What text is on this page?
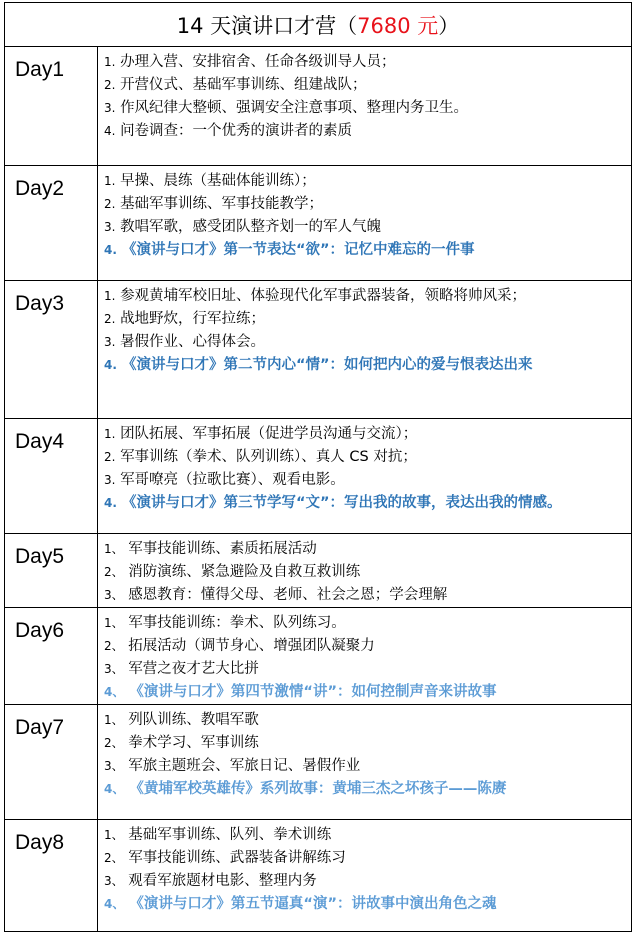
14 天演讲口才营（7680 元）	
Day1	1. 办理入营、安排宿舍、任命各级训导人员；
2. 开营仪式、基础军事训练、组建战队；
3. 作风纪律大整顿、强调安全注意事项、整理内务卫生。
4. 问卷调查：一个优秀的演讲者的素质

Day2	1. 早操、晨练（基础体能训练）；
2. 基础军事训练、军事技能教学；
3. 教唱军歌，感受团队整齐划一的军人气魄
4. 《演讲与口才》第一节表达“欲”：记忆中难忘的一件事

Day3	1. 参观黄埔军校旧址、体验现代化军事武器装备，领略将帅风采；
2. 战地野炊，行军拉练；
3. 暑假作业、心得体会。
4. 《演讲与口才》第二节内心“情”：如何把内心的爱与恨表达出来

Day4	1. 团队拓展、军事拓展（促进学员沟通与交流）；
2. 军事训练（拳术、队列训练）、真人 CS 对抗；
3. 军哥嘹亮（拉歌比赛）、观看电影。
4. 《演讲与口才》第三节学写“文”：写出我的故事，表达出我的情感。

Day5	1、 军事技能训练、素质拓展活动
2、 消防演练、紧急避险及自救互救训练
3、 感恩教育：懂得父母、老师、社会之恩；学会理解

Day6	1、 军事技能训练：拳术、队列练习。
2、 拓展活动（调节身心、增强团队凝聚力
3、 军营之夜才艺大比拼
4、 《演讲与口才》第四节激情“讲”：如何控制声音来讲故事

Day7	1、 列队训练、教唱军歌
2、 拳术学习、军事训练
3、 军旅主题班会、军旅日记、暑假作业
4、 《黄埔军校英雄传》系列故事：黄埔三杰之坏孩子——陈赓

Day8	1、 基础军事训练、队列、拳术训练
2、 军事技能训练、武器装备讲解练习
3、 观看军旅题材电影、整理内务
4、 《演讲与口才》第五节逼真“演”：讲故事中演出角色之魂
